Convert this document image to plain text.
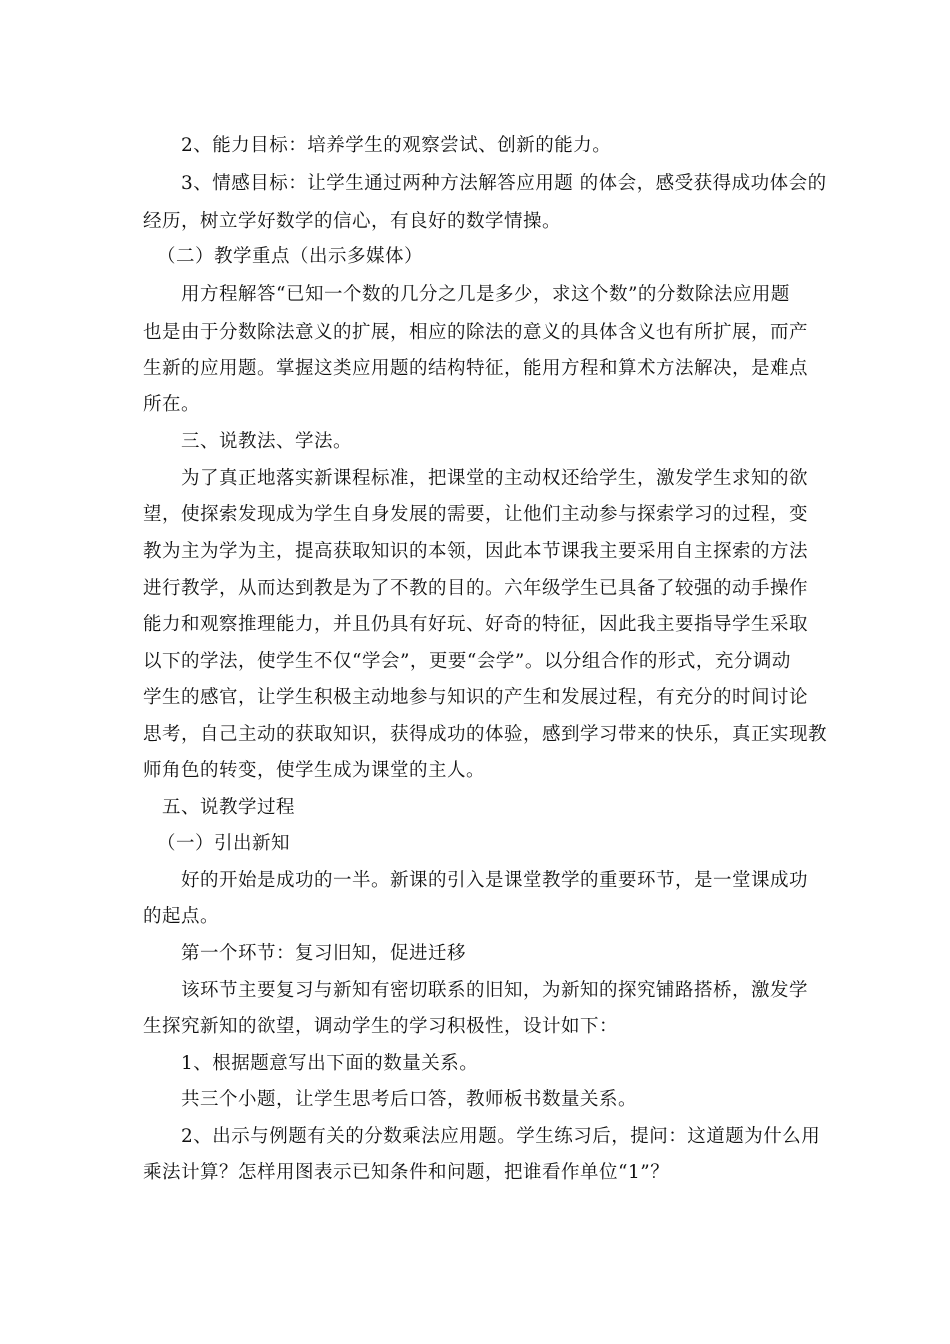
2、能力目标：培养学生的观察尝试、创新的能力。
3、情感目标：让学生通过两种方法解答应用题 的体会，感受获得成功体会的
经历，树立学好数学的信心，有良好的数学情操。
（二）教学重点（出示多媒体）
用方程解答“已知一个数的几分之几是多少，求这个数”的分数除法应用题
也是由于分数除法意义的扩展，相应的除法的意义的具体含义也有所扩展，而产
生新的应用题。掌握这类应用题的结构特征，能用方程和算术方法解决，是难点
所在。
三、说教法、学法。
为了真正地落实新课程标准，把课堂的主动权还给学生，激发学生求知的欲
望，使探索发现成为学生自身发展的需要，让他们主动参与探索学习的过程，变
教为主为学为主，提高获取知识的本领，因此本节课我主要采用自主探索的方法
进行教学，从而达到教是为了不教的目的。六年级学生已具备了较强的动手操作
能力和观察推理能力，并且仍具有好玩、好奇的特征，因此我主要指导学生采取
以下的学法，使学生不仅“学会”，更要“会学”。以分组合作的形式，充分调动
学生的感官，让学生积极主动地参与知识的产生和发展过程，有充分的时间讨论
思考，自己主动的获取知识，获得成功的体验，感到学习带来的快乐，真正实现教
师角色的转变，使学生成为课堂的主人。
五、说教学过程
（一）引出新知
好的开始是成功的一半。新课的引入是课堂教学的重要环节，是一堂课成功
的起点。
第一个环节：复习旧知，促进迁移
该环节主要复习与新知有密切联系的旧知，为新知的探究铺路搭桥，激发学
生探究新知的欲望，调动学生的学习积极性，设计如下：
1、根据题意写出下面的数量关系。
共三个小题，让学生思考后口答，教师板书数量关系。
2、出示与例题有关的分数乘法应用题。学生练习后，提问：这道题为什么用
乘法计算？怎样用图表示已知条件和问题，把谁看作单位“1”？
